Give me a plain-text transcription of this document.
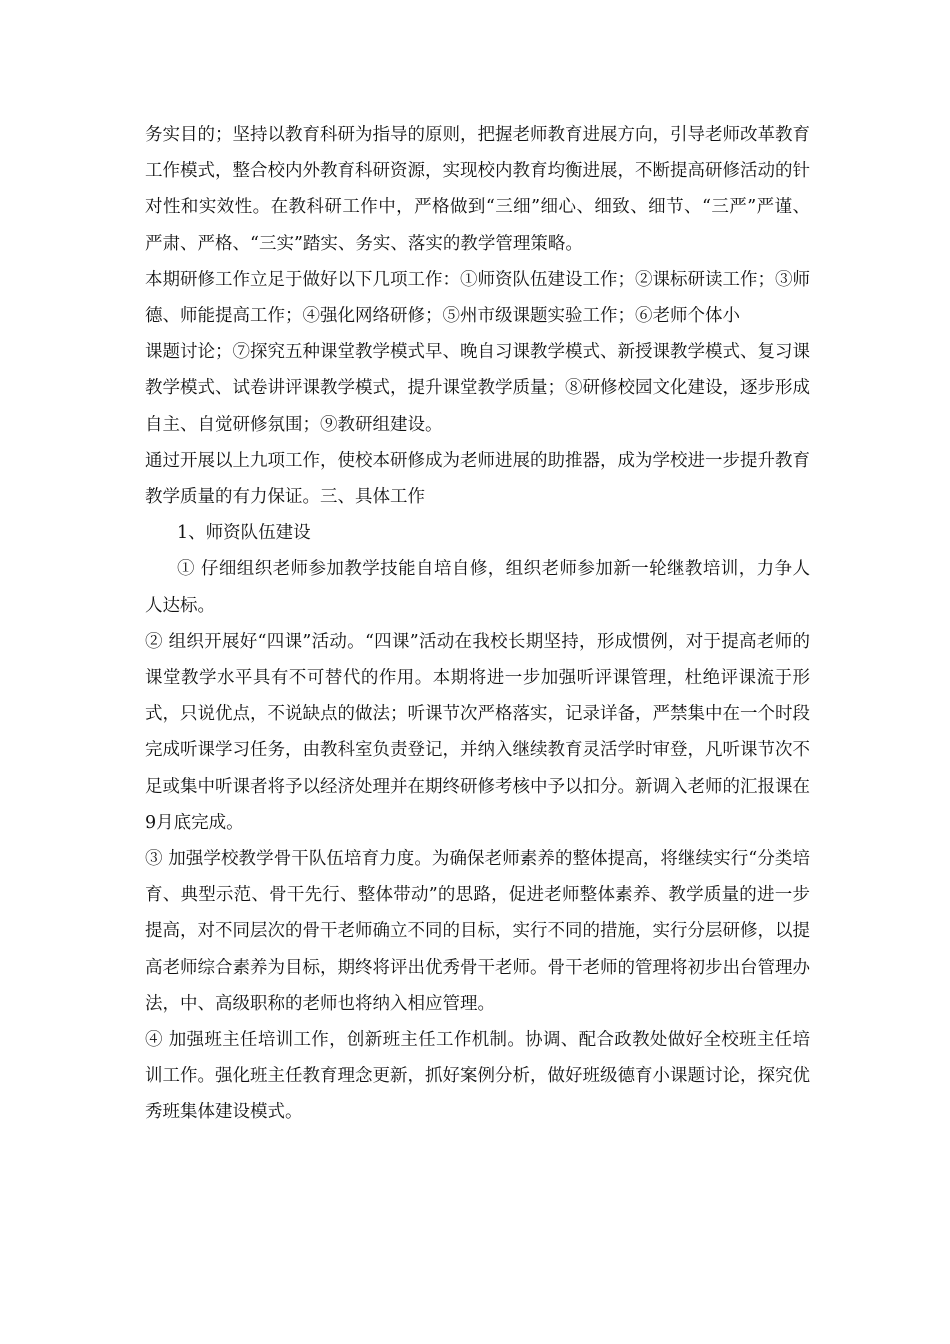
务实目的；坚持以教育科研为指导的原则，把握老师教育进展方向，引导老师改革教育工作模式，整合校内外教育科研资源，实现校内教育均衡进展，不断提高研修活动的针对性和实效性。在教科研工作中，严格做到“三细”细心、细致、细节、“三严”严谨、严肃、严格、“三实”踏实、务实、落实的教学管理策略。

本期研修工作立足于做好以下几项工作：①师资队伍建设工作；②课标研读工作；③师德、师能提高工作；④强化网络研修；⑤州市级课题实验工作；⑥老师个体小

课题讨论；⑦探究五种课堂教学模式早、晚自习课教学模式、新授课教学模式、复习课教学模式、试卷讲评课教学模式，提升课堂教学质量；⑧研修校园文化建设，逐步形成自主、自觉研修氛围；⑨教研组建设。

通过开展以上九项工作，使校本研修成为老师进展的助推器，成为学校进一步提升教育教学质量的有力保证。三、具体工作

1、师资队伍建设

① 仔细组织老师参加教学技能自培自修，组织老师参加新一轮继教培训，力争人人达标。

② 组织开展好“四课”活动。“四课”活动在我校长期坚持，形成惯例，对于提高老师的课堂教学水平具有不可替代的作用。本期将进一步加强听评课管理，杜绝评课流于形式，只说优点，不说缺点的做法；听课节次严格落实，记录详备，严禁集中在一个时段完成听课学习任务，由教科室负责登记，并纳入继续教育灵活学时审登，凡听课节次不足或集中听课者将予以经济处理并在期终研修考核中予以扣分。新调入老师的汇报课在9月底完成。

③ 加强学校教学骨干队伍培育力度。为确保老师素养的整体提高，将继续实行“分类培育、典型示范、骨干先行、整体带动”的思路，促进老师整体素养、教学质量的进一步提高，对不同层次的骨干老师确立不同的目标，实行不同的措施，实行分层研修，以提高老师综合素养为目标，期终将评出优秀骨干老师。骨干老师的管理将初步出台管理办法，中、高级职称的老师也将纳入相应管理。

④ 加强班主任培训工作，创新班主任工作机制。协调、配合政教处做好全校班主任培训工作。强化班主任教育理念更新，抓好案例分析，做好班级德育小课题讨论，探究优秀班集体建设模式。
